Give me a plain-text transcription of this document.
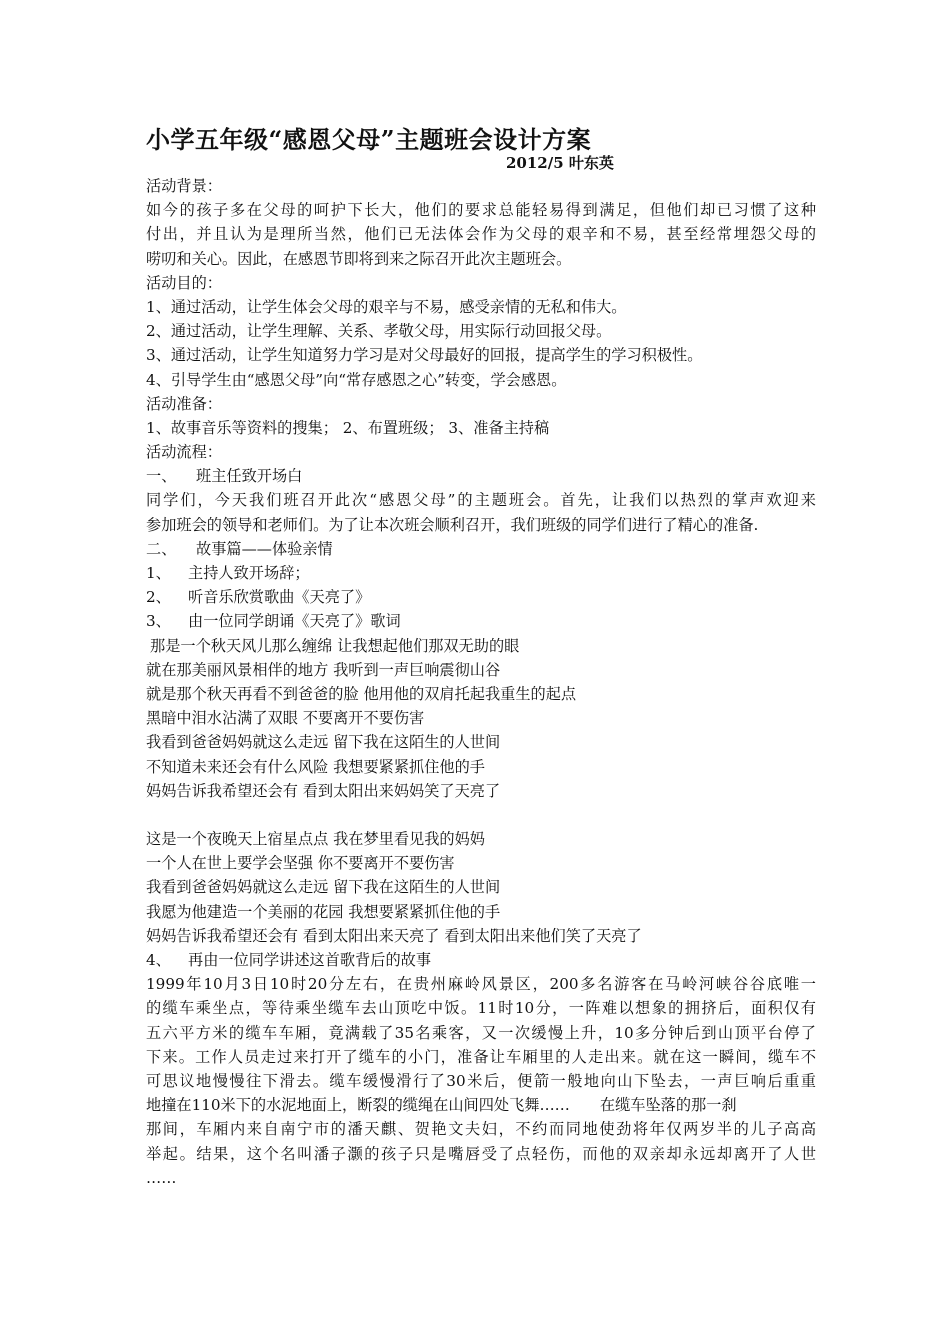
小学五年级“感恩父母”主题班会设计方案
2012/5 叶东英
活动背景：
如今的孩子多在父母的呵护下长大，他们的要求总能轻易得到满足，但他们却已习惯了这种
付出，并且认为是理所当然，他们已无法体会作为父母的艰辛和不易，甚至经常埋怨父母的
唠叨和关心。因此，在感恩节即将到来之际召开此次主题班会。
活动目的：
1、通过活动，让学生体会父母的艰辛与不易，感受亲情的无私和伟大。
2、通过活动，让学生理解、关系、孝敬父母，用实际行动回报父母。
3、通过活动，让学生知道努力学习是对父母最好的回报，提高学生的学习积极性。
4、引导学生由“感恩父母”向“常存感恩之心”转变，学会感恩。
活动准备：
1、故事音乐等资料的搜集； 2、布置班级； 3、准备主持稿
活动流程：
一、 班主任致开场白
同学们，今天我们班召开此次“感恩父母”的主题班会。首先，让我们以热烈的掌声欢迎来
参加班会的领导和老师们。为了让本次班会顺利召开，我们班级的同学们进行了精心的准备.
二、 故事篇——体验亲情
1、 主持人致开场辞；
2、 听音乐欣赏歌曲《天亮了》
3、 由一位同学朗诵《天亮了》歌词
那是一个秋天风儿那么缠绵 让我想起他们那双无助的眼
就在那美丽风景相伴的地方 我听到一声巨响震彻山谷
就是那个秋天再看不到爸爸的脸 他用他的双肩托起我重生的起点
黑暗中泪水沾满了双眼 不要离开不要伤害
我看到爸爸妈妈就这么走远 留下我在这陌生的人世间
不知道未来还会有什么风险 我想要紧紧抓住他的手
妈妈告诉我希望还会有 看到太阳出来妈妈笑了天亮了
这是一个夜晚天上宿星点点 我在梦里看见我的妈妈
一个人在世上要学会坚强 你不要离开不要伤害
我看到爸爸妈妈就这么走远 留下我在这陌生的人世间
我愿为他建造一个美丽的花园 我想要紧紧抓住他的手
妈妈告诉我希望还会有 看到太阳出来天亮了 看到太阳出来他们笑了天亮了
4、 再由一位同学讲述这首歌背后的故事
1999年10月3日10时20分左右，在贵州麻岭风景区，200多名游客在马岭河峡谷谷底唯一
的缆车乘坐点，等待乘坐缆车去山顶吃中饭。11时10分，一阵难以想象的拥挤后，面积仅有
五六平方米的缆车车厢，竟满载了35名乘客，又一次缓慢上升，10多分钟后到山顶平台停了
下来。工作人员走过来打开了缆车的小门，准备让车厢里的人走出来。就在这一瞬间，缆车不
可思议地慢慢往下滑去。缆车缓慢滑行了30米后，便箭一般地向山下坠去，一声巨响后重重
地撞在110米下的水泥地面上，断裂的缆绳在山间四处飞舞…… 在缆车坠落的那一刹
那间，车厢内来自南宁市的潘天麒、贺艳文夫妇，不约而同地使劲将年仅两岁半的儿子高高
举起。结果，这个名叫潘子灏的孩子只是嘴唇受了点轻伤，而他的双亲却永远却离开了人世
……
